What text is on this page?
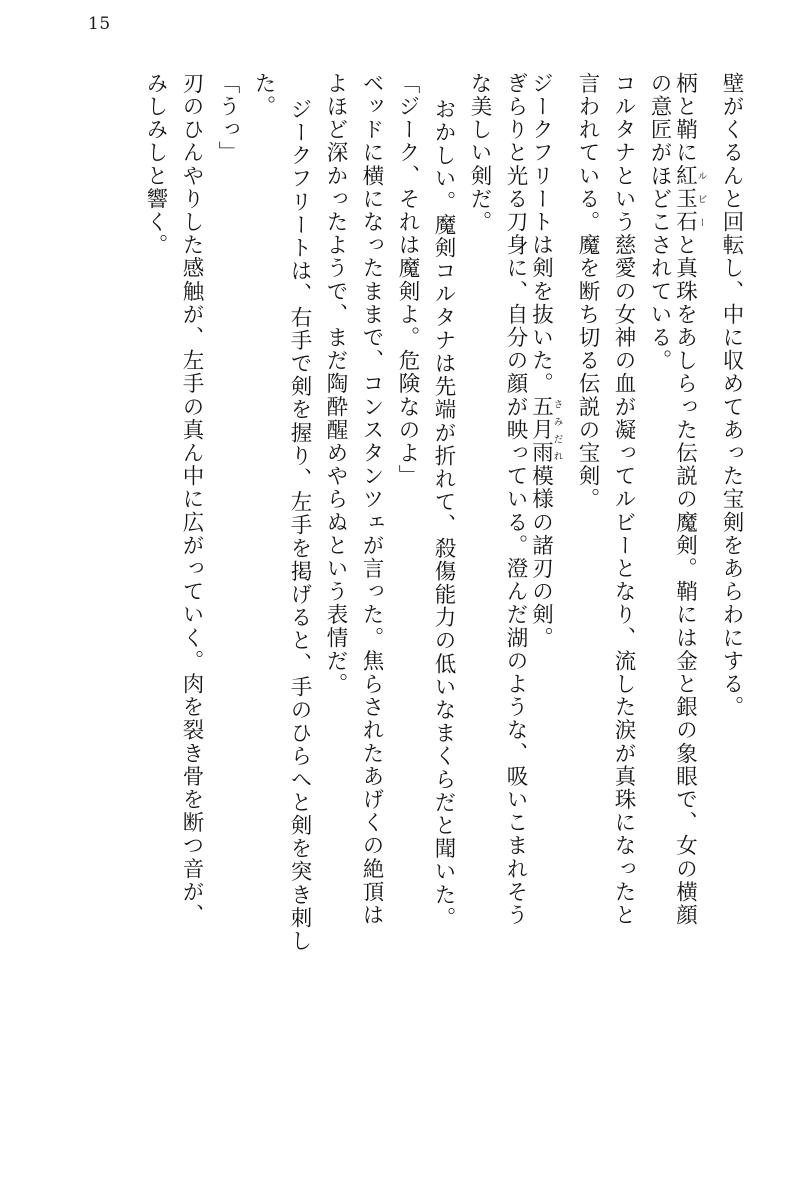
15
壁がくるんと回転し、中に収めてあった宝剣をあらわにする。
柄と鞘に紅玉石ルビーと真珠をあしらった伝説の魔剣。鞘には金と銀の象眼で、女の横顔
の意匠がほどこされている。
コルタナという慈愛の女神の血が凝ってルビーとなり、流した涙が真珠になったと
言われている。魔を断ち切る伝説の宝剣。
ジークフリートは剣を抜いた。五月雨さみだれ模様の諸刃の剣。
ぎらりと光る刀身に、自分の顔が映っている。澄んだ湖のような、吸いこまれそう
な美しい剣だ。
おかしい。魔剣コルタナは先端が折れて、殺傷能力の低いなまくらだと聞いた。
「ジーク、それは魔剣よ。危険なのよ」
ベッドに横になったままで、コンスタンツェが言った。焦らされたあげくの絶頂は
よほど深かったようで、まだ陶酔醒めやらぬという表情だ。
ジークフリートは、右手で剣を握り、左手を掲げると、手のひらへと剣を突き刺し
た。
「うっ」
刃のひんやりした感触が、左手の真ん中に広がっていく。肉を裂き骨を断つ音が、
みしみしと響く。
